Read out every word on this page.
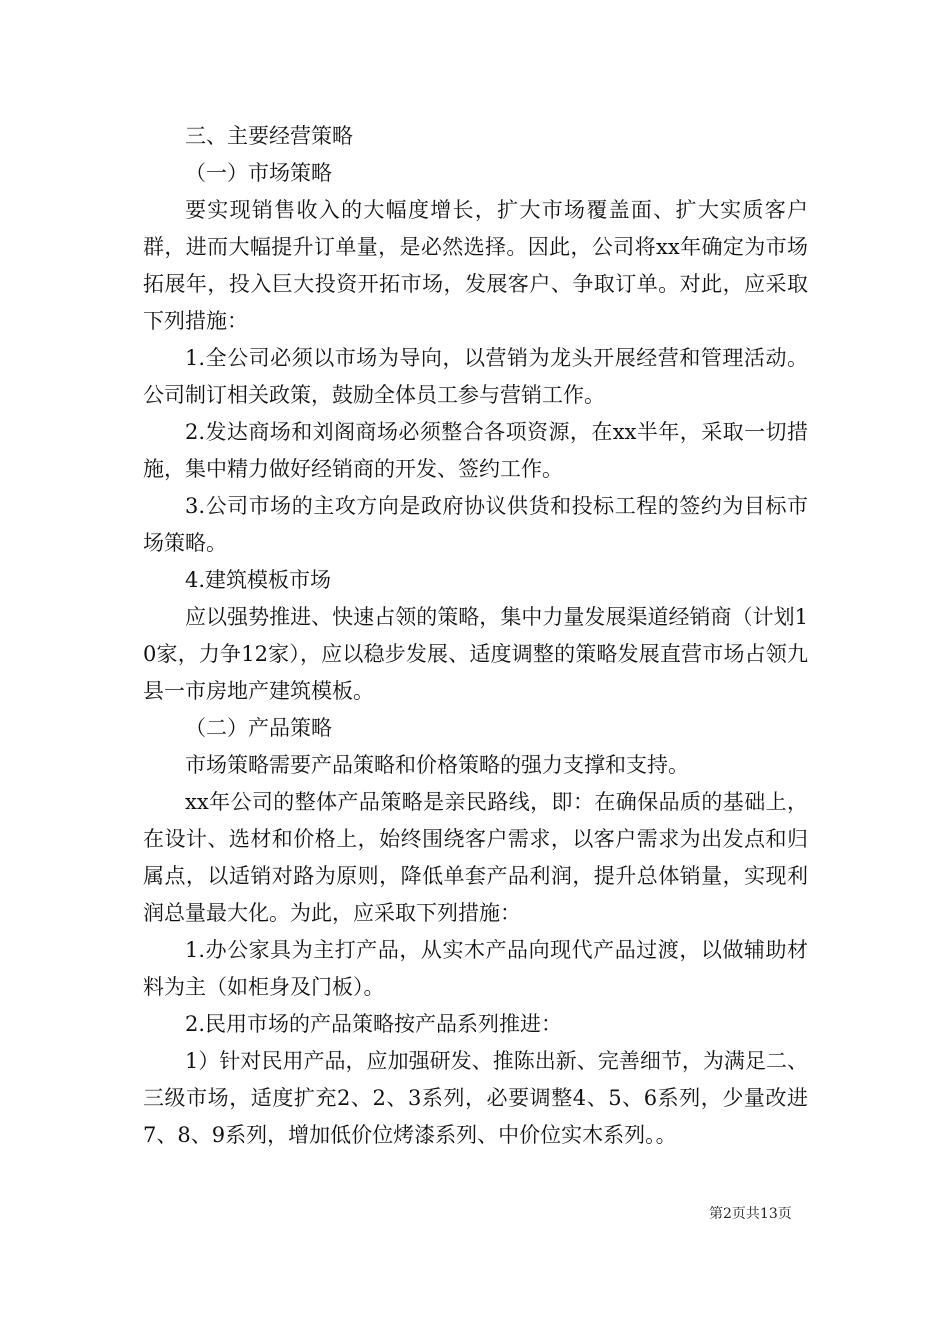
三、主要经营策略

（一）市场策略

要实现销售收入的大幅度增长，扩大市场覆盖面、扩大实质客户群，进而大幅提升订单量，是必然选择。因此，公司将xx年确定为市场拓展年，投入巨大投资开拓市场，发展客户、争取订单。对此，应采取下列措施：

1.全公司必须以市场为导向，以营销为龙头开展经营和管理活动。公司制订相关政策，鼓励全体员工参与营销工作。

2.发达商场和刘阁商场必须整合各项资源，在xx半年，采取一切措施，集中精力做好经销商的开发、签约工作。

3.公司市场的主攻方向是政府协议供货和投标工程的签约为目标市场策略。

4.建筑模板市场

应以强势推进、快速占领的策略，集中力量发展渠道经销商（计划10家，力争12家），应以稳步发展、适度调整的策略发展直营市场占领九县一市房地产建筑模板。

（二）产品策略

市场策略需要产品策略和价格策略的强力支撑和支持。

xx年公司的整体产品策略是亲民路线，即：在确保品质的基础上，在设计、选材和价格上，始终围绕客户需求，以客户需求为出发点和归属点，以适销对路为原则，降低单套产品利润，提升总体销量，实现利润总量最大化。为此，应采取下列措施：

1.办公家具为主打产品，从实木产品向现代产品过渡，以做辅助材料为主（如柜身及门板）。

2.民用市场的产品策略按产品系列推进：

1）针对民用产品，应加强研发、推陈出新、完善细节，为满足二、三级市场，适度扩充2、2、3系列，必要调整4、5、6系列，少量改进7、8、9系列，增加低价位烤漆系列、中价位实木系列。。

第2页共13页
